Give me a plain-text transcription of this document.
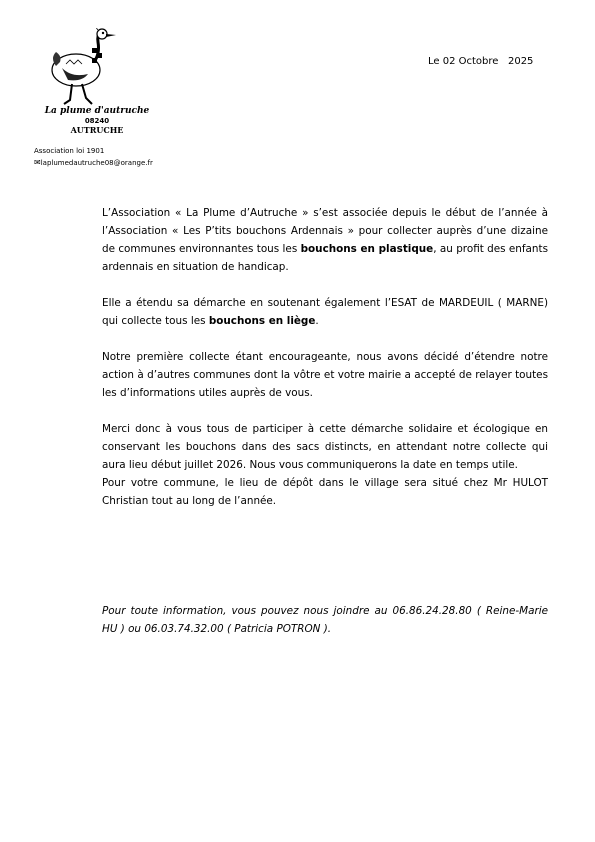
La plume d'autruche
08240
AUTRUCHE
Le 02 Octobre   2025
Association loi 1901
✉laplumedautruche08@orange.fr

L’Association « La Plume d’Autruche » s’est associée depuis le début de l’année à l’Association « Les P’tits bouchons Ardennais » pour collecter auprès d’une dizaine de communes environnantes tous les bouchons en plastique, au profit des enfants ardennais en situation de handicap.

Elle a étendu sa démarche en soutenant également l’ESAT de MARDEUIL ( MARNE) qui collecte tous les bouchons en liège.

Notre première collecte étant encourageante, nous avons décidé d’étendre notre action à d’autres communes dont la vôtre et votre mairie a accepté de relayer toutes les d’informations utiles auprès de vous.

Merci donc à vous tous de participer à cette démarche solidaire et écologique en conservant les bouchons dans des sacs distincts, en attendant notre collecte qui aura lieu début juillet 2026. Nous vous communiquerons la date en temps utile.

Pour votre commune, le lieu de dépôt dans le village sera situé chez Mr HULOT Christian tout au long de l’année.

Pour toute information, vous pouvez nous joindre au 06.86.24.28.80 ( Reine-Marie HU ) ou 06.03.74.32.00 ( Patricia POTRON ).
